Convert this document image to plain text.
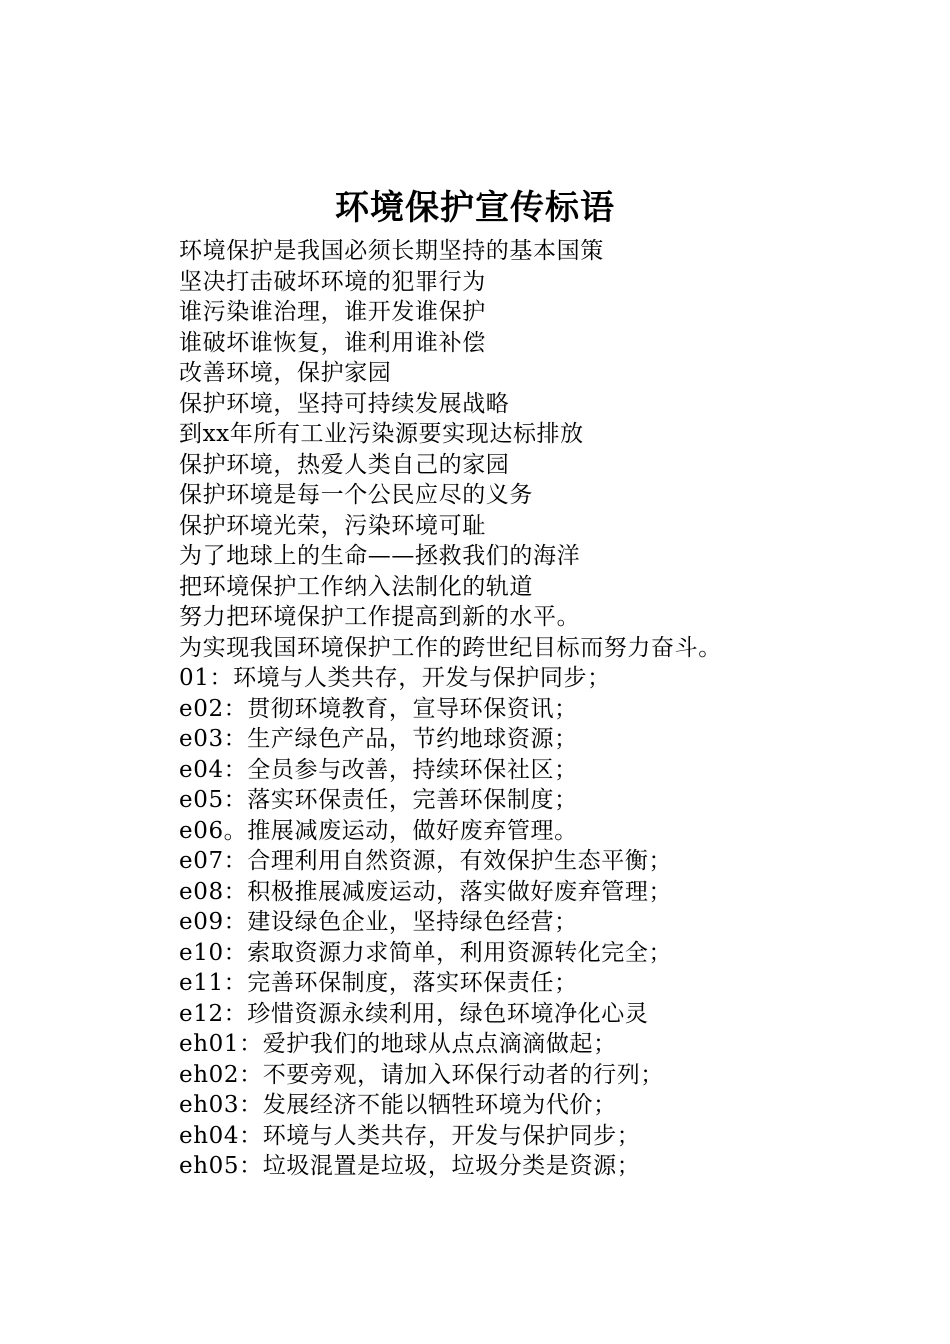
环境保护宣传标语
环境保护是我国必须长期坚持的基本国策
坚决打击破坏环境的犯罪行为
谁污染谁治理，谁开发谁保护
谁破坏谁恢复，谁利用谁补偿
改善环境，保护家园
保护环境，坚持可持续发展战略
到xx年所有工业污染源要实现达标排放
保护环境，热爱人类自己的家园
保护环境是每一个公民应尽的义务
保护环境光荣，污染环境可耻
为了地球上的生命——拯救我们的海洋
把环境保护工作纳入法制化的轨道
努力把环境保护工作提高到新的水平。
为实现我国环境保护工作的跨世纪目标而努力奋斗。
01：环境与人类共存，开发与保护同步；
e02：贯彻环境教育，宣导环保资讯；
e03：生产绿色产品，节约地球资源；
e04：全员参与改善，持续环保社区；
e05：落实环保责任，完善环保制度；
e06。推展减废运动，做好废弃管理。
e07：合理利用自然资源，有效保护生态平衡；
e08：积极推展减废运动，落实做好废弃管理；
e09：建设绿色企业，坚持绿色经营；
e10：索取资源力求简单，利用资源转化完全；
e11：完善环保制度，落实环保责任；
e12：珍惜资源永续利用，绿色环境净化心灵
eh01：爱护我们的地球从点点滴滴做起；
eh02：不要旁观，请加入环保行动者的行列；
eh03：发展经济不能以牺牲环境为代价；
eh04：环境与人类共存，开发与保护同步；
eh05：垃圾混置是垃圾，垃圾分类是资源；
